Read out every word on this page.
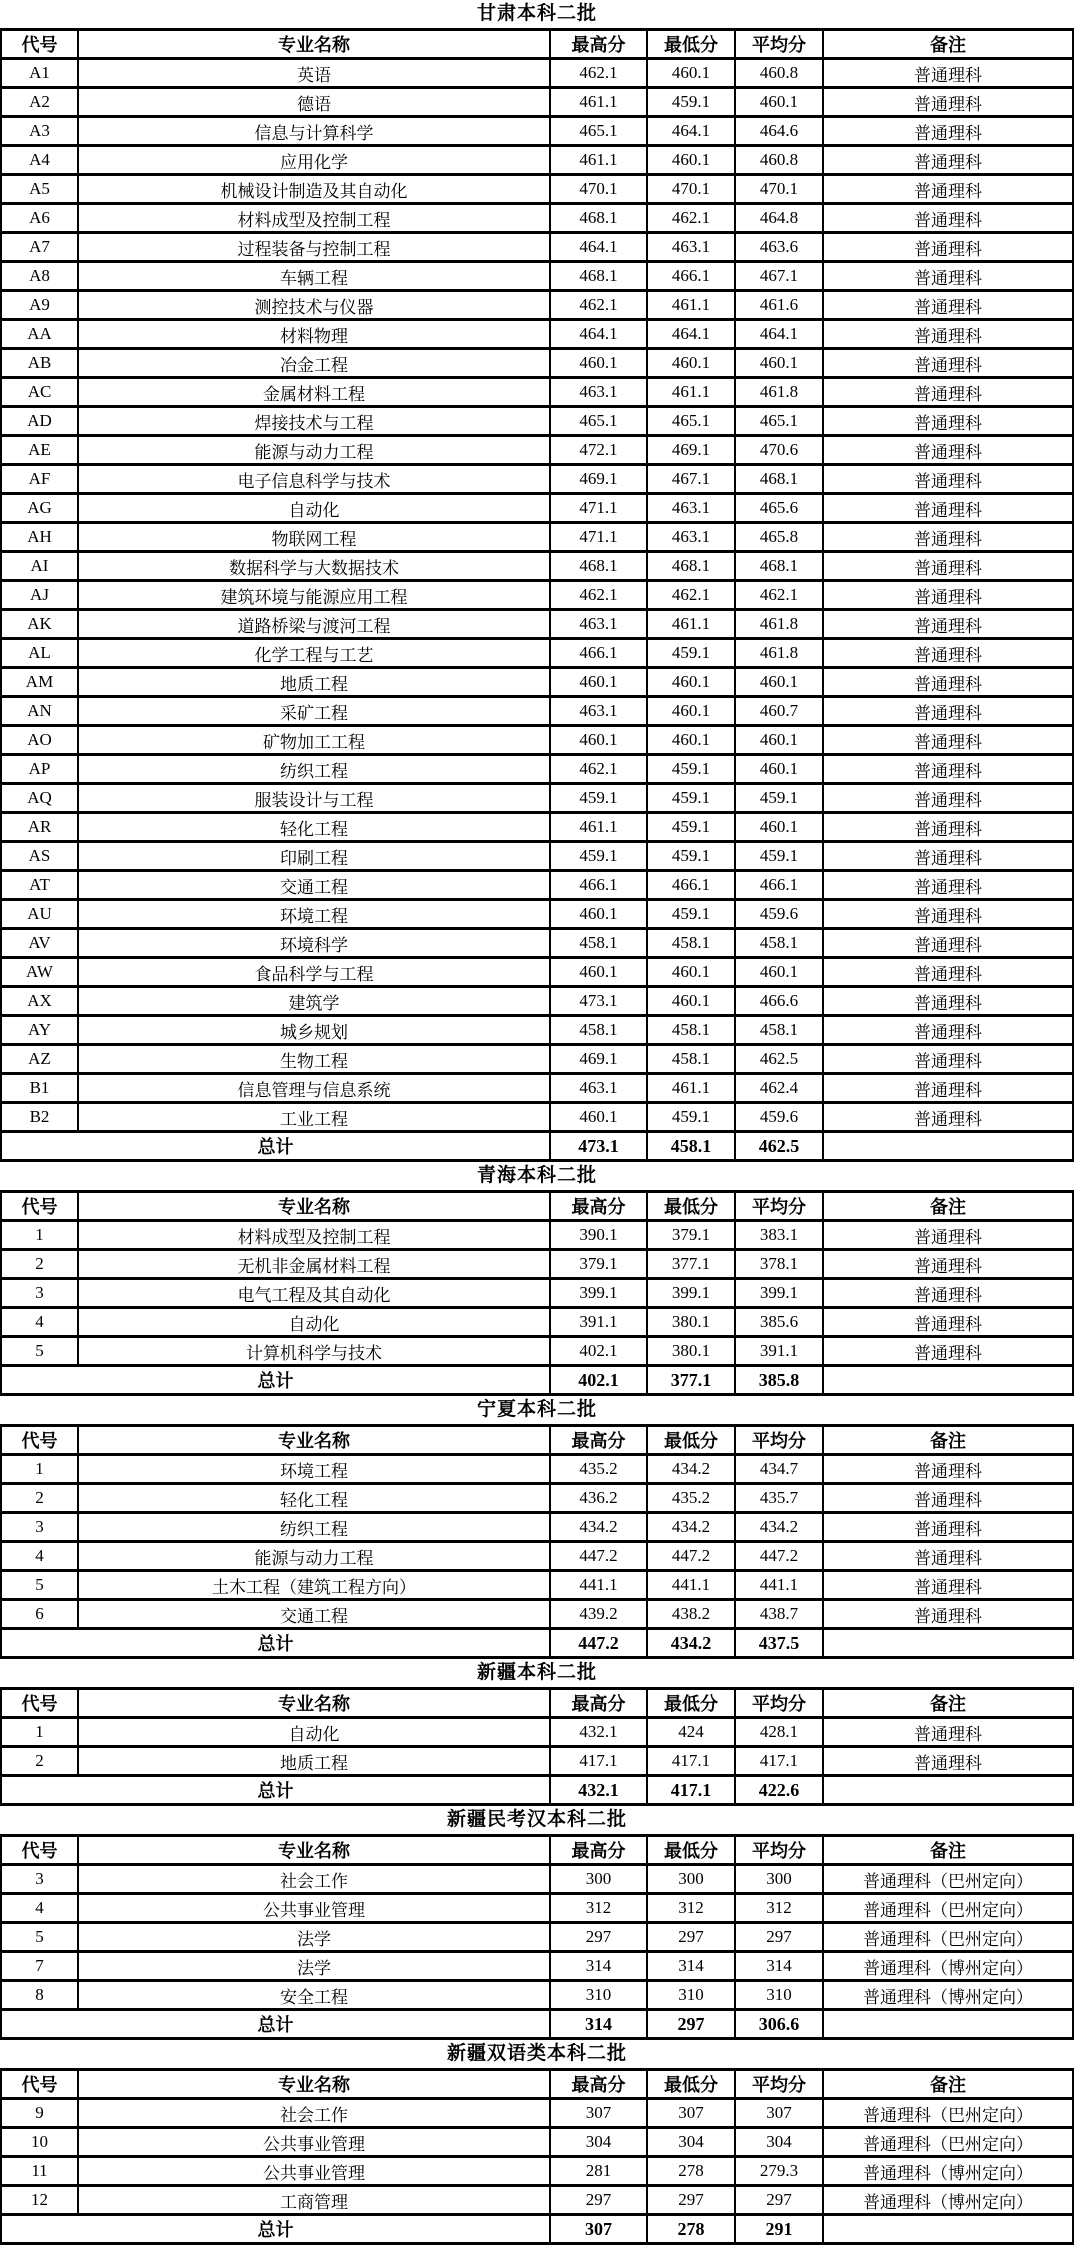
甘肃本科二批
代号	专业名称	最高分	最低分	平均分	备注
A1	英语	462.1	460.1	460.8	普通理科
A2	德语	461.1	459.1	460.1	普通理科
A3	信息与计算科学	465.1	464.1	464.6	普通理科
A4	应用化学	461.1	460.1	460.8	普通理科
A5	机械设计制造及其自动化	470.1	470.1	470.1	普通理科
A6	材料成型及控制工程	468.1	462.1	464.8	普通理科
A7	过程装备与控制工程	464.1	463.1	463.6	普通理科
A8	车辆工程	468.1	466.1	467.1	普通理科
A9	测控技术与仪器	462.1	461.1	461.6	普通理科
AA	材料物理	464.1	464.1	464.1	普通理科
AB	冶金工程	460.1	460.1	460.1	普通理科
AC	金属材料工程	463.1	461.1	461.8	普通理科
AD	焊接技术与工程	465.1	465.1	465.1	普通理科
AE	能源与动力工程	472.1	469.1	470.6	普通理科
AF	电子信息科学与技术	469.1	467.1	468.1	普通理科
AG	自动化	471.1	463.1	465.6	普通理科
AH	物联网工程	471.1	463.1	465.8	普通理科
AI	数据科学与大数据技术	468.1	468.1	468.1	普通理科
AJ	建筑环境与能源应用工程	462.1	462.1	462.1	普通理科
AK	道路桥梁与渡河工程	463.1	461.1	461.8	普通理科
AL	化学工程与工艺	466.1	459.1	461.8	普通理科
AM	地质工程	460.1	460.1	460.1	普通理科
AN	采矿工程	463.1	460.1	460.7	普通理科
AO	矿物加工工程	460.1	460.1	460.1	普通理科
AP	纺织工程	462.1	459.1	460.1	普通理科
AQ	服装设计与工程	459.1	459.1	459.1	普通理科
AR	轻化工程	461.1	459.1	460.1	普通理科
AS	印刷工程	459.1	459.1	459.1	普通理科
AT	交通工程	466.1	466.1	466.1	普通理科
AU	环境工程	460.1	459.1	459.6	普通理科
AV	环境科学	458.1	458.1	458.1	普通理科
AW	食品科学与工程	460.1	460.1	460.1	普通理科
AX	建筑学	473.1	460.1	466.6	普通理科
AY	城乡规划	458.1	458.1	458.1	普通理科
AZ	生物工程	469.1	458.1	462.5	普通理科
B1	信息管理与信息系统	463.1	461.1	462.4	普通理科
B2	工业工程	460.1	459.1	459.6	普通理科
总计		473.1	458.1	462.5	
青海本科二批
代号	专业名称	最高分	最低分	平均分	备注
1	材料成型及控制工程	390.1	379.1	383.1	普通理科
2	无机非金属材料工程	379.1	377.1	378.1	普通理科
3	电气工程及其自动化	399.1	399.1	399.1	普通理科
4	自动化	391.1	380.1	385.6	普通理科
5	计算机科学与技术	402.1	380.1	391.1	普通理科
总计		402.1	377.1	385.8	
宁夏本科二批
代号	专业名称	最高分	最低分	平均分	备注
1	环境工程	435.2	434.2	434.7	普通理科
2	轻化工程	436.2	435.2	435.7	普通理科
3	纺织工程	434.2	434.2	434.2	普通理科
4	能源与动力工程	447.2	447.2	447.2	普通理科
5	土木工程（建筑工程方向）	441.1	441.1	441.1	普通理科
6	交通工程	439.2	438.2	438.7	普通理科
总计		447.2	434.2	437.5	
新疆本科二批
代号	专业名称	最高分	最低分	平均分	备注
1	自动化	432.1	424	428.1	普通理科
2	地质工程	417.1	417.1	417.1	普通理科
总计		432.1	417.1	422.6	
新疆民考汉本科二批
代号	专业名称	最高分	最低分	平均分	备注
3	社会工作	300	300	300	普通理科（巴州定向）
4	公共事业管理	312	312	312	普通理科（巴州定向）
5	法学	297	297	297	普通理科（巴州定向）
7	法学	314	314	314	普通理科（博州定向）
8	安全工程	310	310	310	普通理科（博州定向）
总计		314	297	306.6	
新疆双语类本科二批
代号	专业名称	最高分	最低分	平均分	备注
9	社会工作	307	307	307	普通理科（巴州定向）
10	公共事业管理	304	304	304	普通理科（巴州定向）
11	公共事业管理	281	278	279.3	普通理科（博州定向）
12	工商管理	297	297	297	普通理科（博州定向）
总计		307	278	291	
